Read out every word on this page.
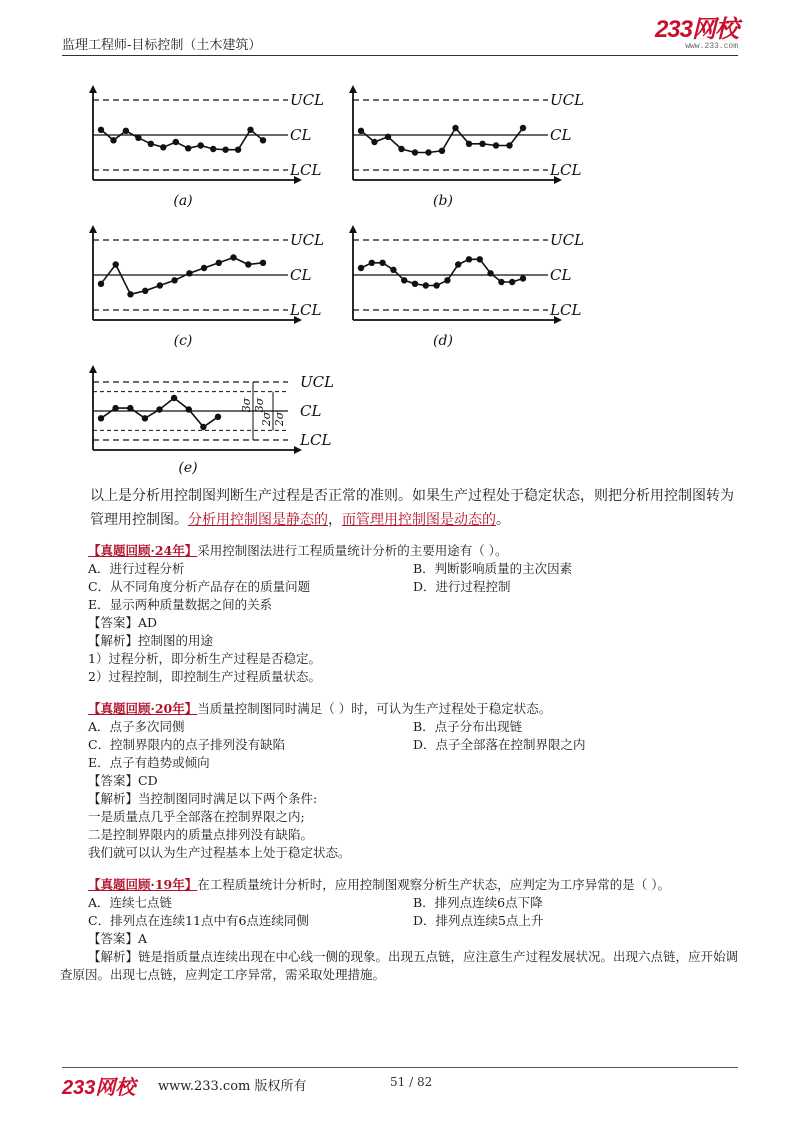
监理工程师-目标控制（土木建筑）
233网校
www.233.com
UCL
CL
LCL
(a)
UCL
CL
LCL
(b)
UCL
CL
LCL
(c)
UCL
CL
LCL
(d)
UCL
CL
LCL
3σ 3σ
2σ 2σ
(e)
以上是分析用控制图判断生产过程是否正常的准则。如果生产过程处于稳定状态，则把分析用控制图转为管理用控制图。分析用控制图是静态的，而管理用控制图是动态的。
【真题回顾·24年】采用控制图法进行工程质量统计分析的主要用途有（ ）。
A．进行过程分析	B．判断影响质量的主次因素
C．从不同角度分析产品存在的质量问题	D．进行过程控制
E．显示两种质量数据之间的关系
【答案】AD
【解析】控制图的用途
1）过程分析，即分析生产过程是否稳定。
2）过程控制，即控制生产过程质量状态。
【真题回顾·20年】当质量控制图同时满足（ ）时，可认为生产过程处于稳定状态。
A．点子多次同侧	B．点子分布出现链
C．控制界限内的点子排列没有缺陷	D．点子全部落在控制界限之内
E．点子有趋势或倾向
【答案】CD
【解析】当控制图同时满足以下两个条件:
一是质量点几乎全部落在控制界限之内;
二是控制界限内的质量点排列没有缺陷。
我们就可以认为生产过程基本上处于稳定状态。
【真题回顾·19年】在工程质量统计分析时，应用控制图观察分析生产状态，应判定为工序异常的是（ ）。
A．连续七点链	B．排列点连续6点下降
C．排列点在连续11点中有6点连续同侧	D．排列点连续5点上升
【答案】A
【解析】链是指质量点连续出现在中心线一侧的现象。出现五点链，应注意生产过程发展状况。出现六点链，应开始调查原因。出现七点链，应判定工序异常，需采取处理措施。
233网校 www.233.com 版权所有	51 / 82
